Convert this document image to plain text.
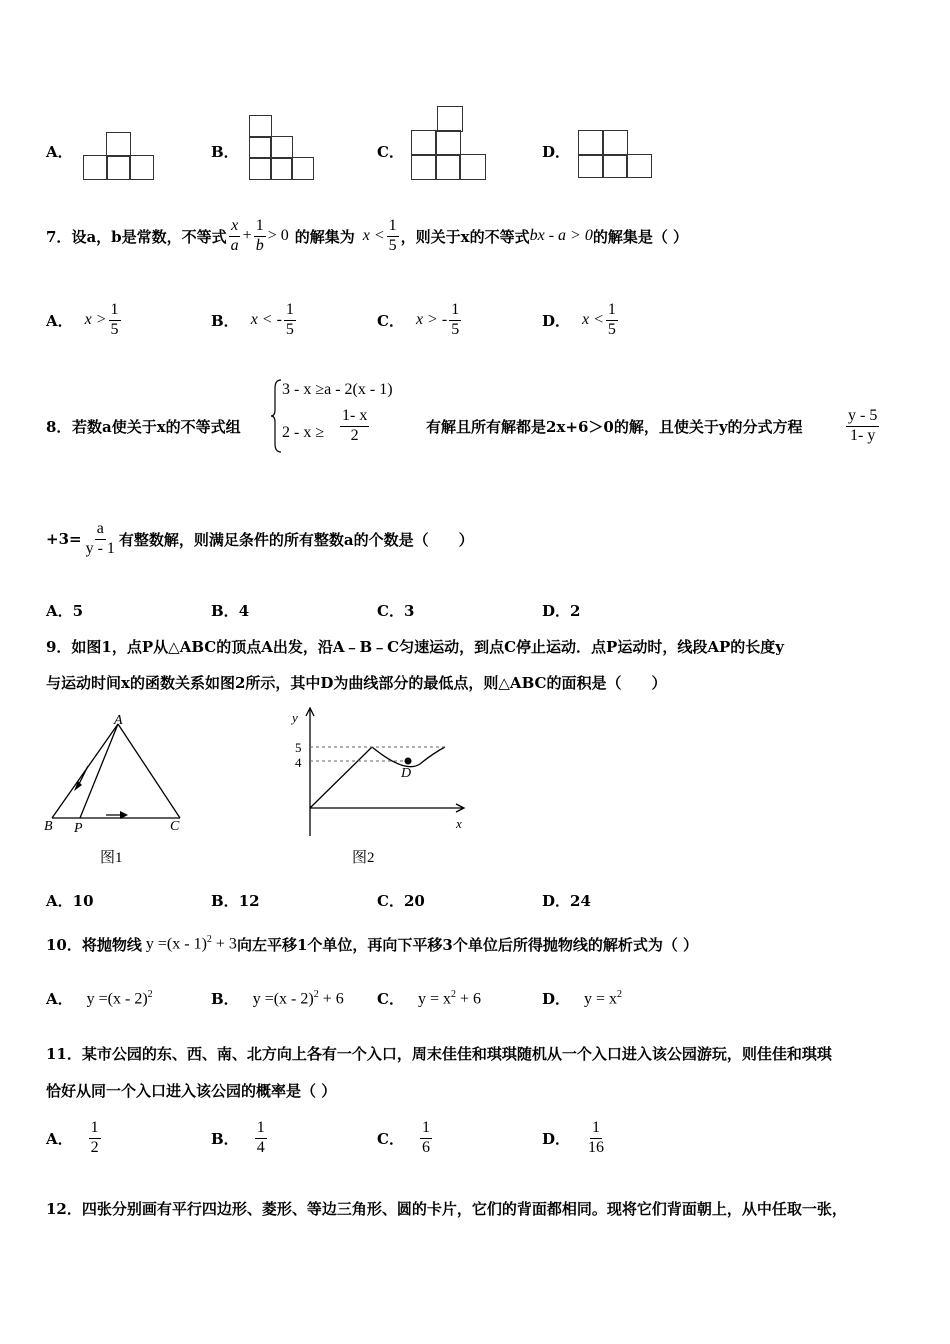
A．	B．	C．	D．
7． 设a，b是常数，不等式 $\frac{x}{a} + \frac{1}{b} > 0$ 的解集为 $x < \frac{1}{5}$ ，则关于x的不等式 bx - a > 0 的解集是（ ）
A． $x > \frac{1}{5}$	B． x < - $\frac{1}{5}$	C． x > - $\frac{1}{5}$	D． $x < \frac{1}{5}$
8． 若数a使关于x的不等式组
3 - x ≥a - 2(x - 1)
$2 - x \ge \frac{1- x}{2}$	有解且所有解都是2x+6＞0的解，且使关于y的分式方程	$\frac{y - 5}{1- y}$
$+3= \frac{a}{y - 1}$ 有整数解，则满足条件的所有整数a的个数是（　　）
A．5	B．4	C．3	D．2
9．如图1，点P从△ABC的顶点A出发，沿A﹣B﹣C匀速运动，到点C停止运动．点P运动时，线段AP的长度y
与运动时间x的函数关系如图2所示，其中D为曲线部分的最低点，则△ABC的面积是（　　）
A
B P	C
图1
y
x
5
4
D
图2
A．10	B．12	C．20	D．24
10． 将抛物线 y =(x - 1)$^2$ + 3 向左平移1个单位，再向下平移3个单位后所得抛物线的解析式为（ ）
A． y =(x - 2)$^2$	B． y =(x - 2)$^2$ + 6 C． $y = x^2 + 6$	D． $y = x^2$
11．某市公园的东、西、南、北方向上各有一个入口，周末佳佳和琪琪随机从一个入口进入该公园游玩，则佳佳和琪琪
恰好从同一个入口进入该公园的概率是（ ）
A． $\frac{1}{2}$	B． $\frac{1}{4}$	C． $\frac{1}{6}$	D． $\frac{1}{16}$
12．四张分别画有平行四边形、菱形、等边三角形、圆的卡片，它们的背面都相同。现将它们背面朝上，从中任取一张，
